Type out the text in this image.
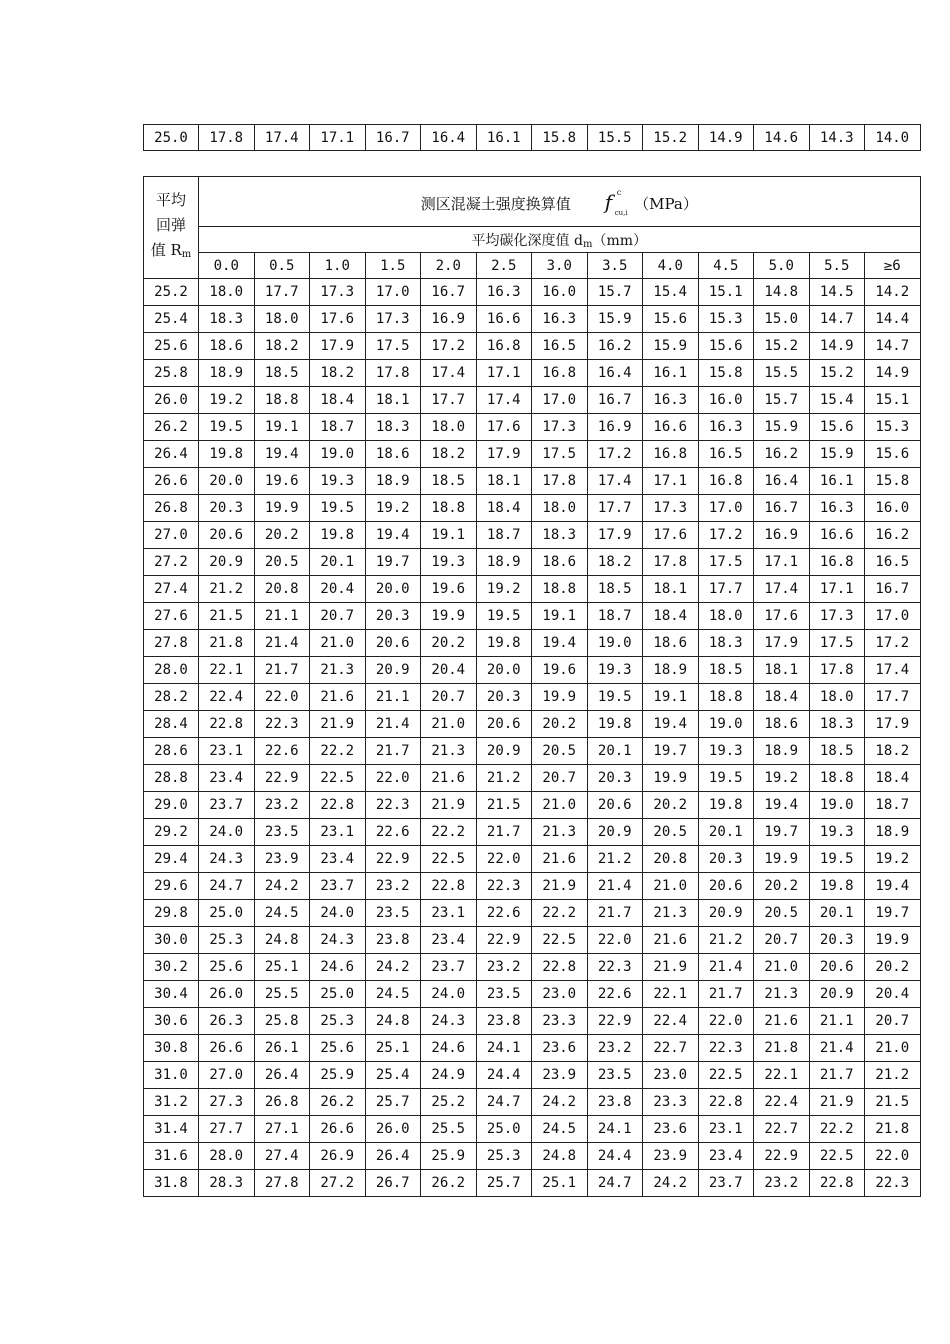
25.0	17.8	17.4	17.1	16.7	16.4	16.1	15.8	15.5	15.2	14.9	14.6	14.3	14.0
平均
回弹
值 Rm	测区混凝土强度换算值 f c
cu,i （MPa）												
	平均碳化深度值 dm（mm）												
	0.0	0.5	1.0	1.5	2.0	2.5	3.0	3.5	4.0	4.5	5.0	5.5	≥6
25.2	18.0	17.7	17.3	17.0	16.7	16.3	16.0	15.7	15.4	15.1	14.8	14.5	14.2
25.4	18.3	18.0	17.6	17.3	16.9	16.6	16.3	15.9	15.6	15.3	15.0	14.7	14.4
25.6	18.6	18.2	17.9	17.5	17.2	16.8	16.5	16.2	15.9	15.6	15.2	14.9	14.7
25.8	18.9	18.5	18.2	17.8	17.4	17.1	16.8	16.4	16.1	15.8	15.5	15.2	14.9
26.0	19.2	18.8	18.4	18.1	17.7	17.4	17.0	16.7	16.3	16.0	15.7	15.4	15.1
26.2	19.5	19.1	18.7	18.3	18.0	17.6	17.3	16.9	16.6	16.3	15.9	15.6	15.3
26.4	19.8	19.4	19.0	18.6	18.2	17.9	17.5	17.2	16.8	16.5	16.2	15.9	15.6
26.6	20.0	19.6	19.3	18.9	18.5	18.1	17.8	17.4	17.1	16.8	16.4	16.1	15.8
26.8	20.3	19.9	19.5	19.2	18.8	18.4	18.0	17.7	17.3	17.0	16.7	16.3	16.0
27.0	20.6	20.2	19.8	19.4	19.1	18.7	18.3	17.9	17.6	17.2	16.9	16.6	16.2
27.2	20.9	20.5	20.1	19.7	19.3	18.9	18.6	18.2	17.8	17.5	17.1	16.8	16.5
27.4	21.2	20.8	20.4	20.0	19.6	19.2	18.8	18.5	18.1	17.7	17.4	17.1	16.7
27.6	21.5	21.1	20.7	20.3	19.9	19.5	19.1	18.7	18.4	18.0	17.6	17.3	17.0
27.8	21.8	21.4	21.0	20.6	20.2	19.8	19.4	19.0	18.6	18.3	17.9	17.5	17.2
28.0	22.1	21.7	21.3	20.9	20.4	20.0	19.6	19.3	18.9	18.5	18.1	17.8	17.4
28.2	22.4	22.0	21.6	21.1	20.7	20.3	19.9	19.5	19.1	18.8	18.4	18.0	17.7
28.4	22.8	22.3	21.9	21.4	21.0	20.6	20.2	19.8	19.4	19.0	18.6	18.3	17.9
28.6	23.1	22.6	22.2	21.7	21.3	20.9	20.5	20.1	19.7	19.3	18.9	18.5	18.2
28.8	23.4	22.9	22.5	22.0	21.6	21.2	20.7	20.3	19.9	19.5	19.2	18.8	18.4
29.0	23.7	23.2	22.8	22.3	21.9	21.5	21.0	20.6	20.2	19.8	19.4	19.0	18.7
29.2	24.0	23.5	23.1	22.6	22.2	21.7	21.3	20.9	20.5	20.1	19.7	19.3	18.9
29.4	24.3	23.9	23.4	22.9	22.5	22.0	21.6	21.2	20.8	20.3	19.9	19.5	19.2
29.6	24.7	24.2	23.7	23.2	22.8	22.3	21.9	21.4	21.0	20.6	20.2	19.8	19.4
29.8	25.0	24.5	24.0	23.5	23.1	22.6	22.2	21.7	21.3	20.9	20.5	20.1	19.7
30.0	25.3	24.8	24.3	23.8	23.4	22.9	22.5	22.0	21.6	21.2	20.7	20.3	19.9
30.2	25.6	25.1	24.6	24.2	23.7	23.2	22.8	22.3	21.9	21.4	21.0	20.6	20.2
30.4	26.0	25.5	25.0	24.5	24.0	23.5	23.0	22.6	22.1	21.7	21.3	20.9	20.4
30.6	26.3	25.8	25.3	24.8	24.3	23.8	23.3	22.9	22.4	22.0	21.6	21.1	20.7
30.8	26.6	26.1	25.6	25.1	24.6	24.1	23.6	23.2	22.7	22.3	21.8	21.4	21.0
31.0	27.0	26.4	25.9	25.4	24.9	24.4	23.9	23.5	23.0	22.5	22.1	21.7	21.2
31.2	27.3	26.8	26.2	25.7	25.2	24.7	24.2	23.8	23.3	22.8	22.4	21.9	21.5
31.4	27.7	27.1	26.6	26.0	25.5	25.0	24.5	24.1	23.6	23.1	22.7	22.2	21.8
31.6	28.0	27.4	26.9	26.4	25.9	25.3	24.8	24.4	23.9	23.4	22.9	22.5	22.0
31.8	28.3	27.8	27.2	26.7	26.2	25.7	25.1	24.7	24.2	23.7	23.2	22.8	22.3
